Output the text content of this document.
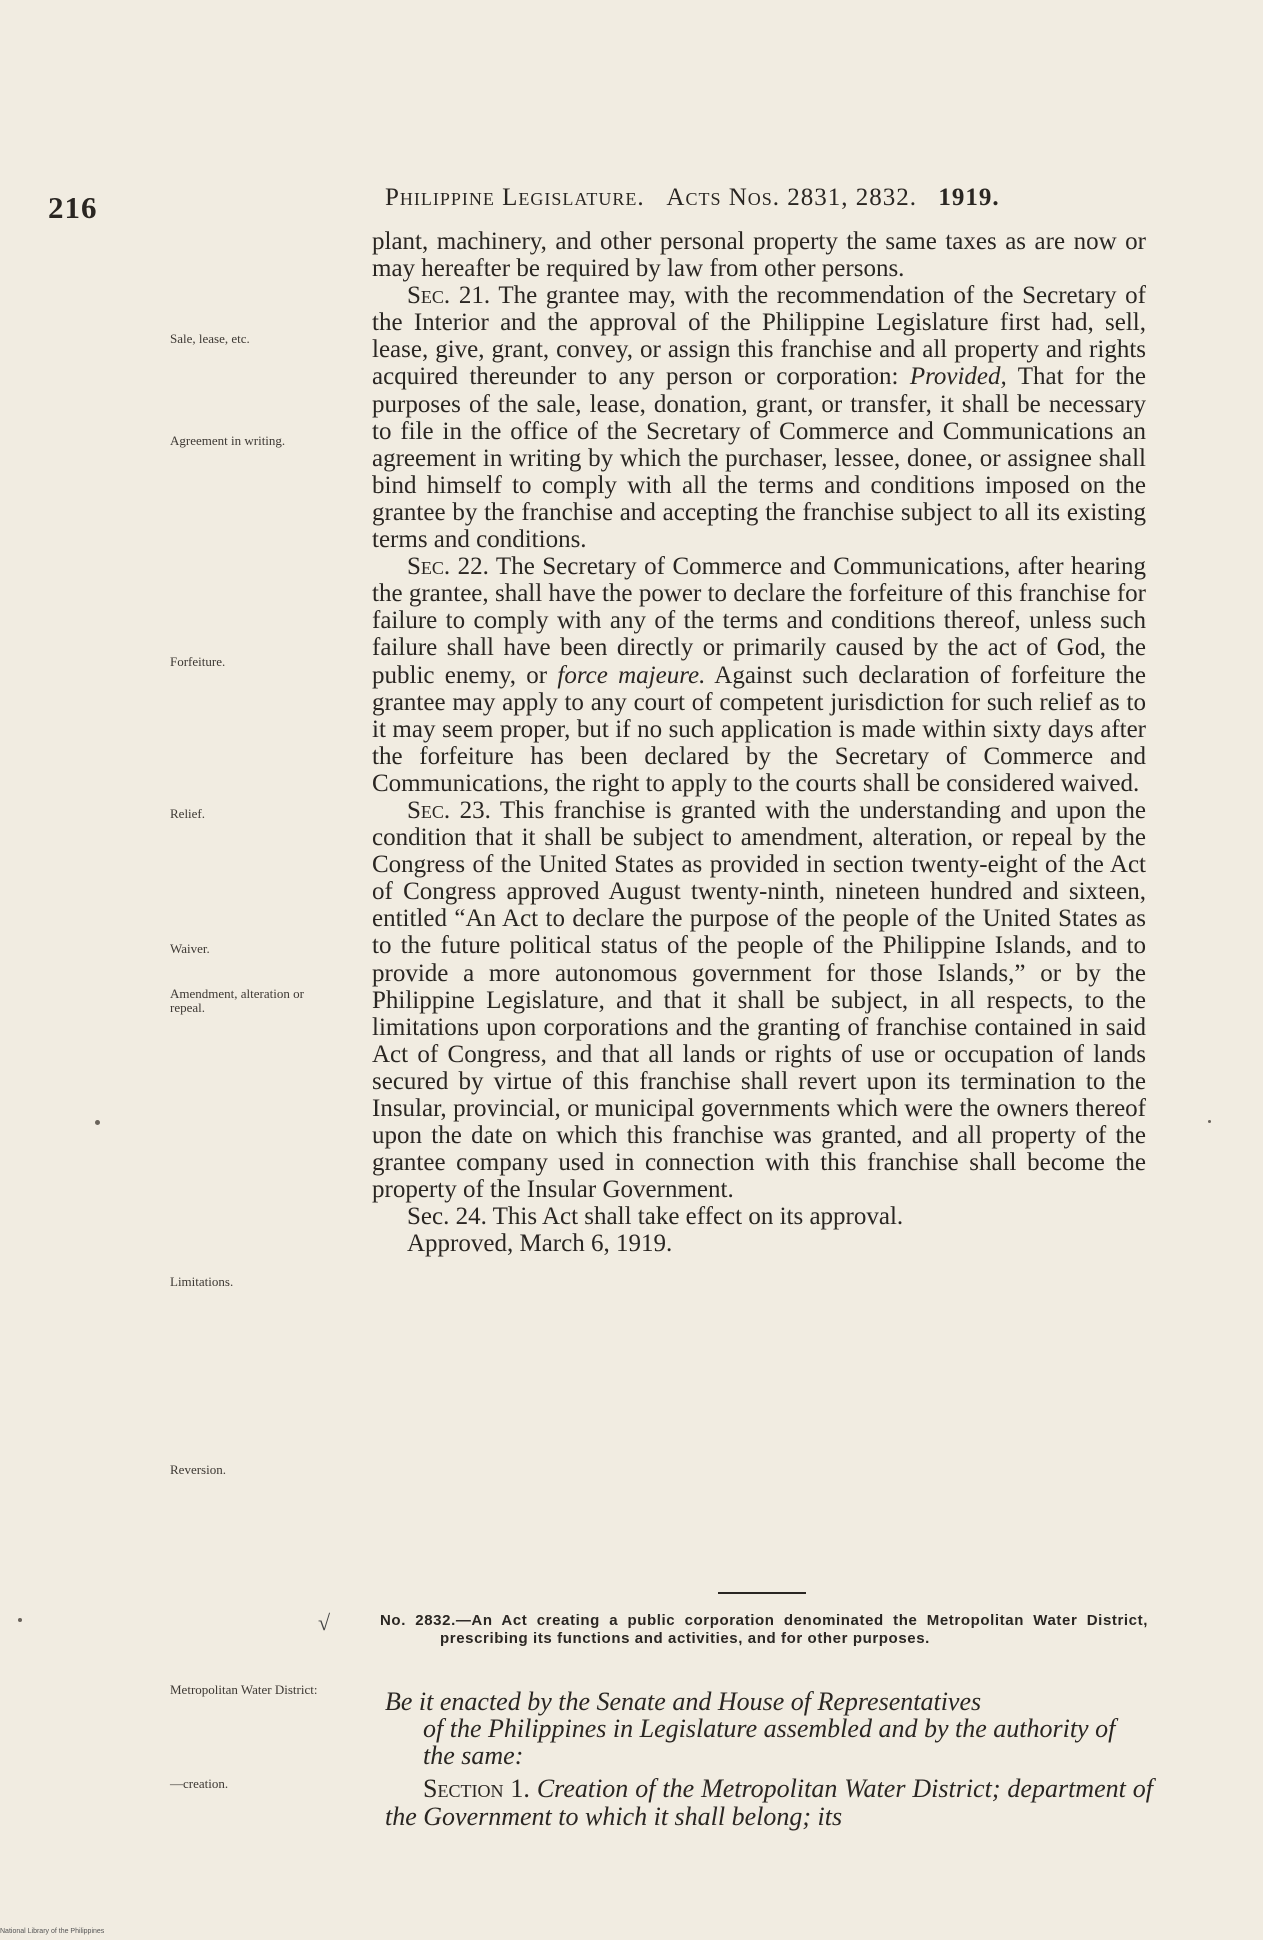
216	Philippine Legislature. Acts Nos. 2831, 2832. 1919.
Sale, lease, etc.
Agreement in writing.
Forfeiture.
Relief.
Waiver.
Amendment, alteration or repeal.
Limitations.
Reversion.
Metropolitan Water District:
—creation.

plant, machinery, and other personal property the same taxes as are now or may hereafter be required by law from other persons.

Sec. 21. The grantee may, with the recommendation of the Secretary of the Interior and the approval of the Philippine Legislature first had, sell, lease, give, grant, convey, or assign this franchise and all property and rights acquired thereunder to any person or corporation: Provided, That for the purposes of the sale, lease, donation, grant, or transfer, it shall be necessary to file in the office of the Secretary of Commerce and Communications an agreement in writing by which the purchaser, lessee, donee, or assignee shall bind himself to comply with all the terms and conditions imposed on the grantee by the franchise and accepting the franchise subject to all its existing terms and conditions.

Sec. 22. The Secretary of Commerce and Communications, after hearing the grantee, shall have the power to declare the forfeiture of this franchise for failure to comply with any of the terms and conditions thereof, unless such failure shall have been directly or primarily caused by the act of God, the public enemy, or force majeure. Against such declaration of forfeiture the grantee may apply to any court of competent jurisdiction for such relief as to it may seem proper, but if no such application is made within sixty days after the forfeiture has been declared by the Secretary of Commerce and Communications, the right to apply to the courts shall be considered waived.

Sec. 23. This franchise is granted with the understanding and upon the condition that it shall be subject to amendment, alteration, or repeal by the Congress of the United States as provided in section twenty-eight of the Act of Congress approved August twenty-ninth, nineteen hundred and sixteen, entitled “An Act to declare the purpose of the people of the United States as to the future political status of the people of the Philippine Islands, and to provide a more autonomous government for those Islands,” or by the Philippine Legislature, and that it shall be subject, in all respects, to the limitations upon corporations and the granting of franchise contained in said Act of Congress, and that all lands or rights of use or occupation of lands secured by virtue of this franchise shall revert upon its termination to the Insular, provincial, or municipal governments which were the owners thereof upon the date on which this franchise was granted, and all property of the grantee company used in connection with this franchise shall become the property of the Insular Government.

Sec. 24. This Act shall take effect on its approval.

Approved, March 6, 1919.

√	No. 2832.—An Act creating a public corporation denominated the Metropolitan Water District, prescribing its functions and activities, and for other purposes.
Be it enacted by the Senate and House of Representatives
of the Philippines in Legislature assembled and by the authority of the same:
Section 1. Creation of the Metropolitan Water District; department of the Government to which it shall belong; its
National Library of the Philippines
